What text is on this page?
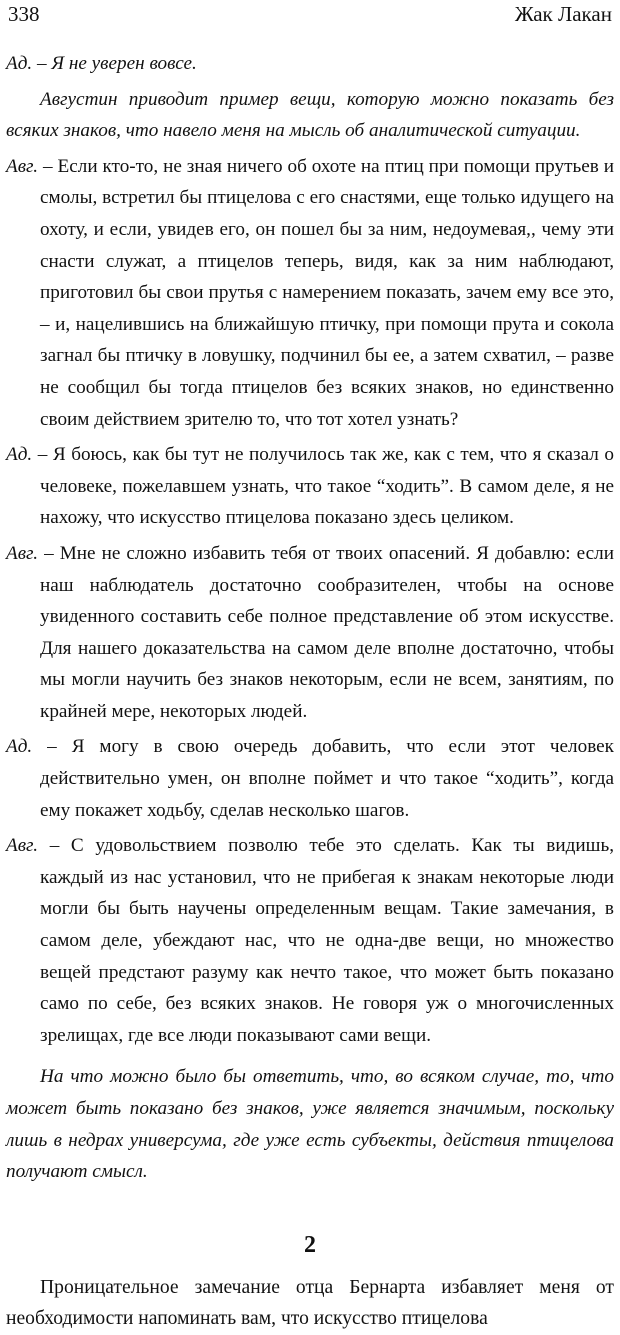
338	Жак Лакан

Ад. – Я не уверен вовсе.

Августин приводит пример вещи, которую можно показать без всяких знаков, что навело меня на мысль об аналитической ситуации.

Авг. – Если кто-то, не зная ничего об охоте на птиц при помощи прутьев и смолы, встретил бы птицелова с его снастями, еще только идущего на охоту, и если, увидев его, он пошел бы за ним, недоумевая,, чему эти снасти служат, а птицелов теперь, видя, как за ним наблюдают, приготовил бы свои прутья с намерением показать, зачем ему все это, – и, нацелившись на ближайшую птичку, при помощи прута и сокола загнал бы птичку в ловушку, подчинил бы ее, а затем схватил, – разве не сообщил бы тогда птицелов без всяких знаков, но единственно своим действием зрителю то, что тот хотел узнать?

Ад. – Я боюсь, как бы тут не получилось так же, как с тем, что я сказал о человеке, пожелавшем узнать, что такое “ходить”. В самом деле, я не нахожу, что искусство птицелова показано здесь целиком.

Авг. – Мне не сложно избавить тебя от твоих опасений. Я добавлю: если наш наблюдатель достаточно сообразителен, чтобы на основе увиденного составить себе полное представление об этом искусстве. Для нашего доказательства на самом деле вполне достаточно, чтобы мы могли научить без знаков некоторым, если не всем, занятиям, по крайней мере, некоторых людей.

Ад. – Я могу в свою очередь добавить, что если этот человек действительно умен, он вполне поймет и что такое “ходить”, когда ему покажет ходьбу, сделав несколько шагов.

Авг. – С удовольствием позволю тебе это сделать. Как ты видишь, каждый из нас установил, что не прибегая к знакам некоторые люди могли бы быть научены определенным вещам. Такие замечания, в самом деле, убеждают нас, что не одна-две вещи, но множество вещей предстают разуму как нечто такое, что может быть показано само по себе, без всяких знаков. Не говоря уж о многочисленных зрелищах, где все люди показывают сами вещи.

На что можно было бы ответить, что, во всяком случае, то, что может быть показано без знаков, уже является значимым, поскольку лишь в недрах универсума, где уже есть субъекты, действия птицелова получают смысл.

2

Проницательное замечание отца Бернарта избавляет меня от необходимости напоминать вам, что искусство птицелова
